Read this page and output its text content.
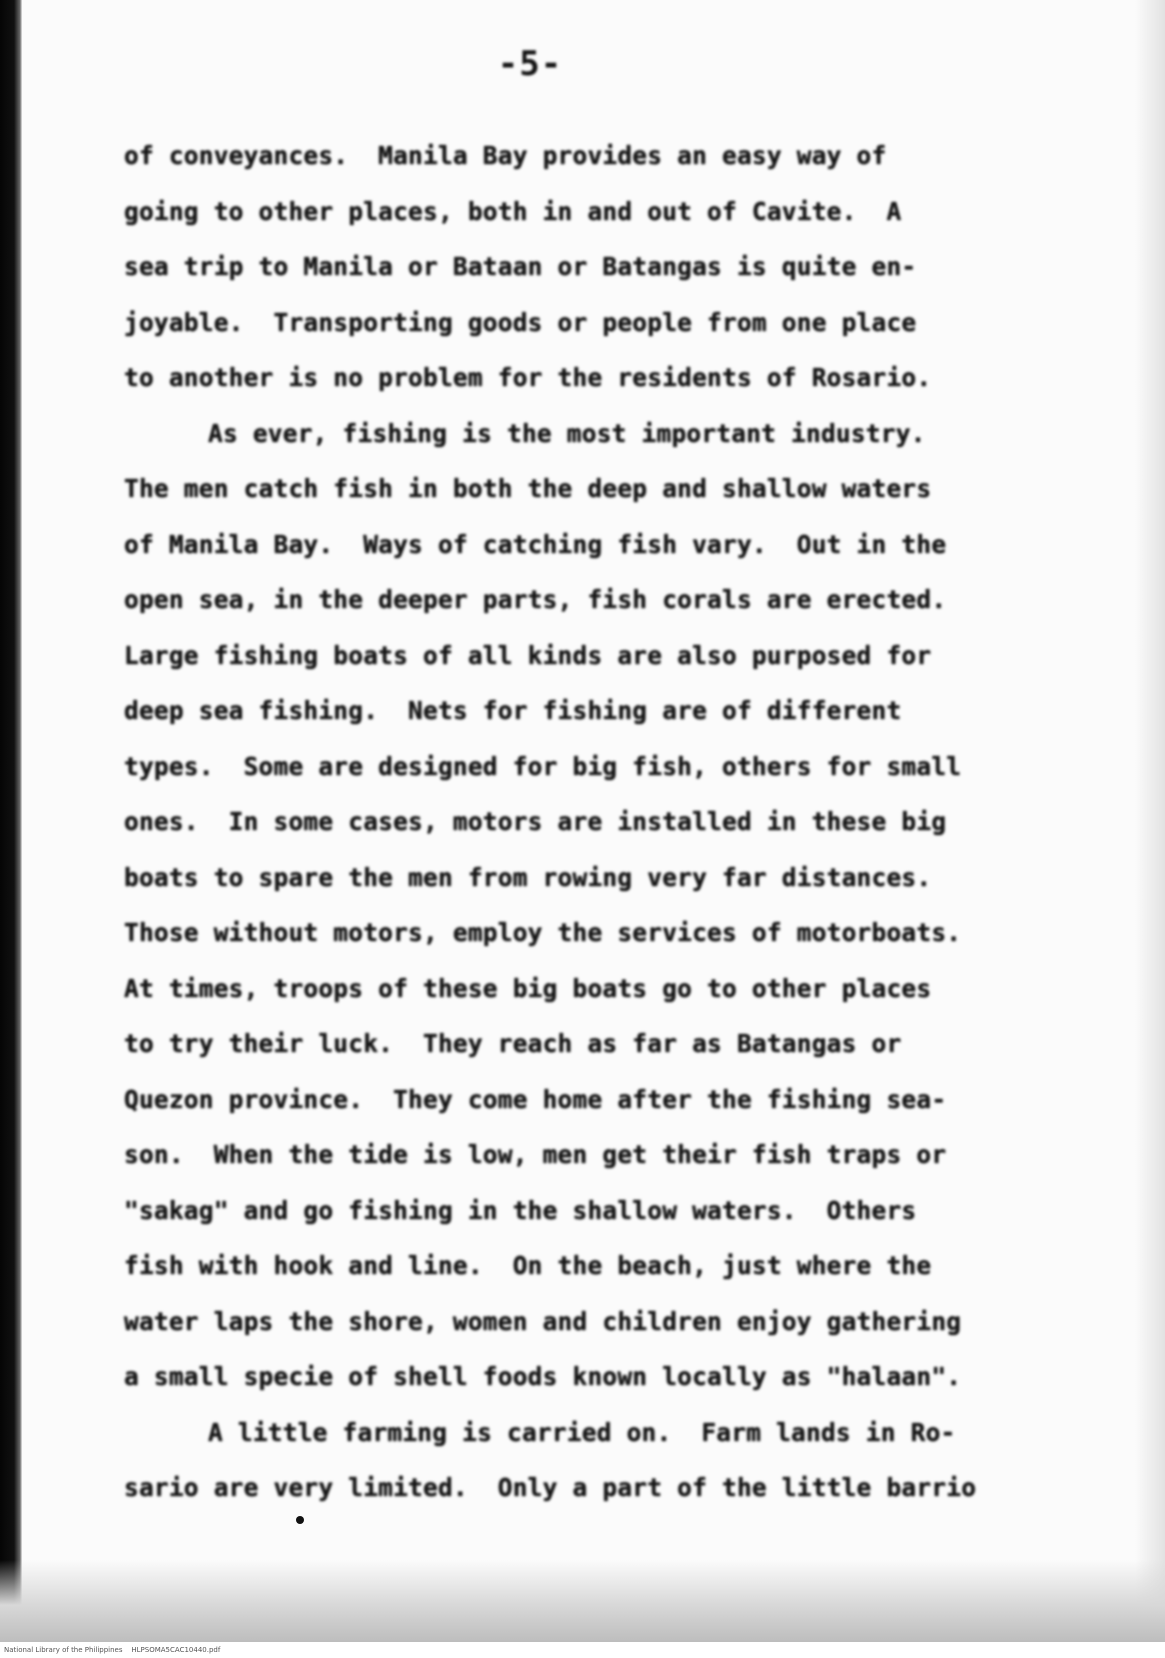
-5-
of conveyances.  Manila Bay provides an easy way of
going to other places, both in and out of Cavite.  A
sea trip to Manila or Bataan or Batangas is quite en-
joyable.  Transporting goods or people from one place
to another is no problem for the residents of Rosario.
As ever, fishing is the most important industry.
The men catch fish in both the deep and shallow waters
of Manila Bay.  Ways of catching fish vary.  Out in the
open sea, in the deeper parts, fish corals are erected.
Large fishing boats of all kinds are also purposed for
deep sea fishing.  Nets for fishing are of different
types.  Some are designed for big fish, others for small
ones.  In some cases, motors are installed in these big
boats to spare the men from rowing very far distances.
Those without motors, employ the services of motorboats.
At times, troops of these big boats go to other places
to try their luck.  They reach as far as Batangas or
Quezon province.  They come home after the fishing sea-
son.  When the tide is low, men get their fish traps or
"sakag" and go fishing in the shallow waters.  Others
fish with hook and line.  On the beach, just where the
water laps the shore, women and children enjoy gathering
a small specie of shell foods known locally as "halaan".
A little farming is carried on.  Farm lands in Ro-
sario are very limited.  Only a part of the little barrio
National Library of the Philippines    HLPSOMA5CAC10440.pdf
